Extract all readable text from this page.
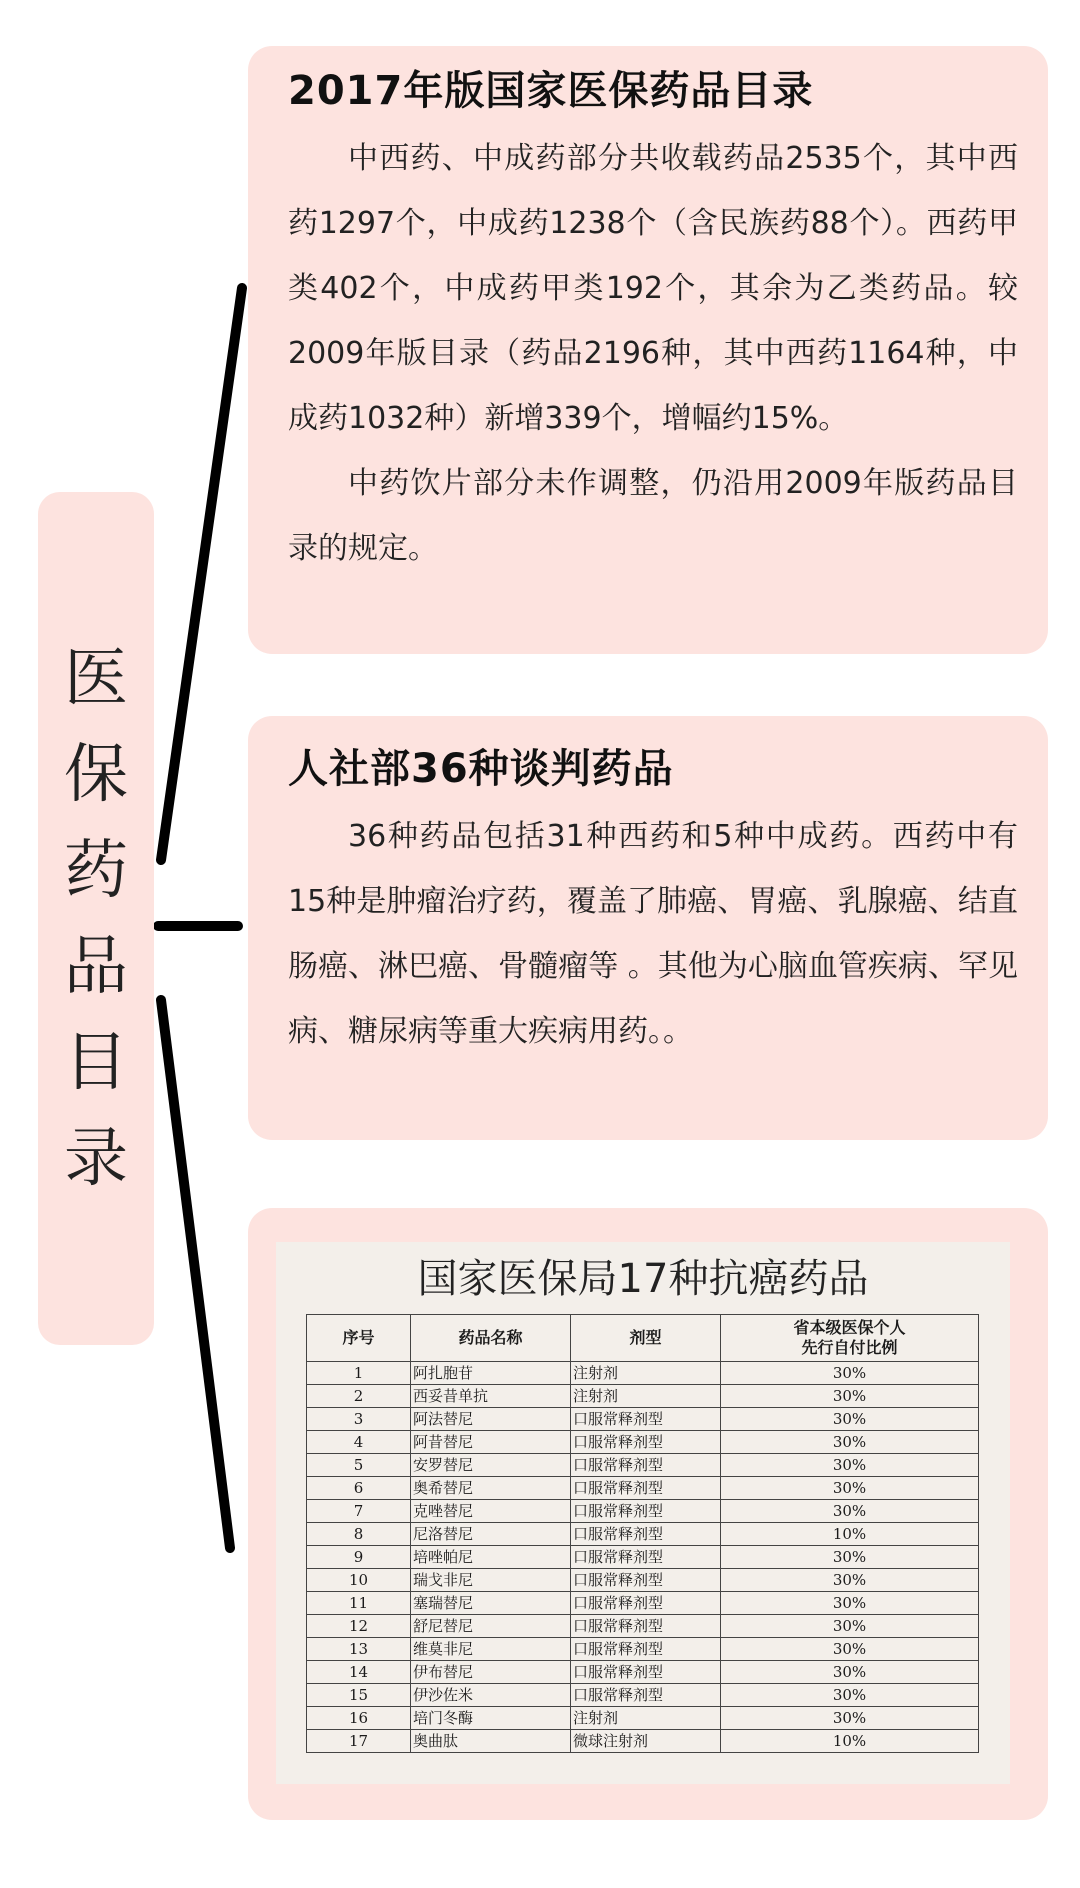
医
保
药
品
目
录
2017年版国家医保药品目录

中西药、中成药部分共收载药品2535个，其中西药1297个，中成药1238个（含民族药88个）。西药甲类402个，中成药甲类192个，其余为乙类药品。较2009年版目录（药品2196种，其中西药1164种，中成药1032种）新增339个，增幅约15%。

中药饮片部分未作调整，仍沿用2009年版药品目录的规定。

人社部36种谈判药品

36种药品包括31种西药和5种中成药。西药中有15种是肿瘤治疗药，覆盖了肺癌、胃癌、乳腺癌、结直肠癌、淋巴癌、骨髓瘤等 。其他为心脑血管疾病、罕见病、糖尿病等重大疾病用药。。

国家医保局17种抗癌药品
序号	药品名称	剂型	省本级医保个人
先行自付比例
1	阿扎胞苷	注射剂	30%
2	西妥昔单抗	注射剂	30%
3	阿法替尼	口服常释剂型	30%
4	阿昔替尼	口服常释剂型	30%
5	安罗替尼	口服常释剂型	30%
6	奥希替尼	口服常释剂型	30%
7	克唑替尼	口服常释剂型	30%
8	尼洛替尼	口服常释剂型	10%
9	培唑帕尼	口服常释剂型	30%
10	瑞戈非尼	口服常释剂型	30%
11	塞瑞替尼	口服常释剂型	30%
12	舒尼替尼	口服常释剂型	30%
13	维莫非尼	口服常释剂型	30%
14	伊布替尼	口服常释剂型	30%
15	伊沙佐米	口服常释剂型	30%
16	培门冬酶	注射剂	30%
17	奥曲肽	微球注射剂	10%
